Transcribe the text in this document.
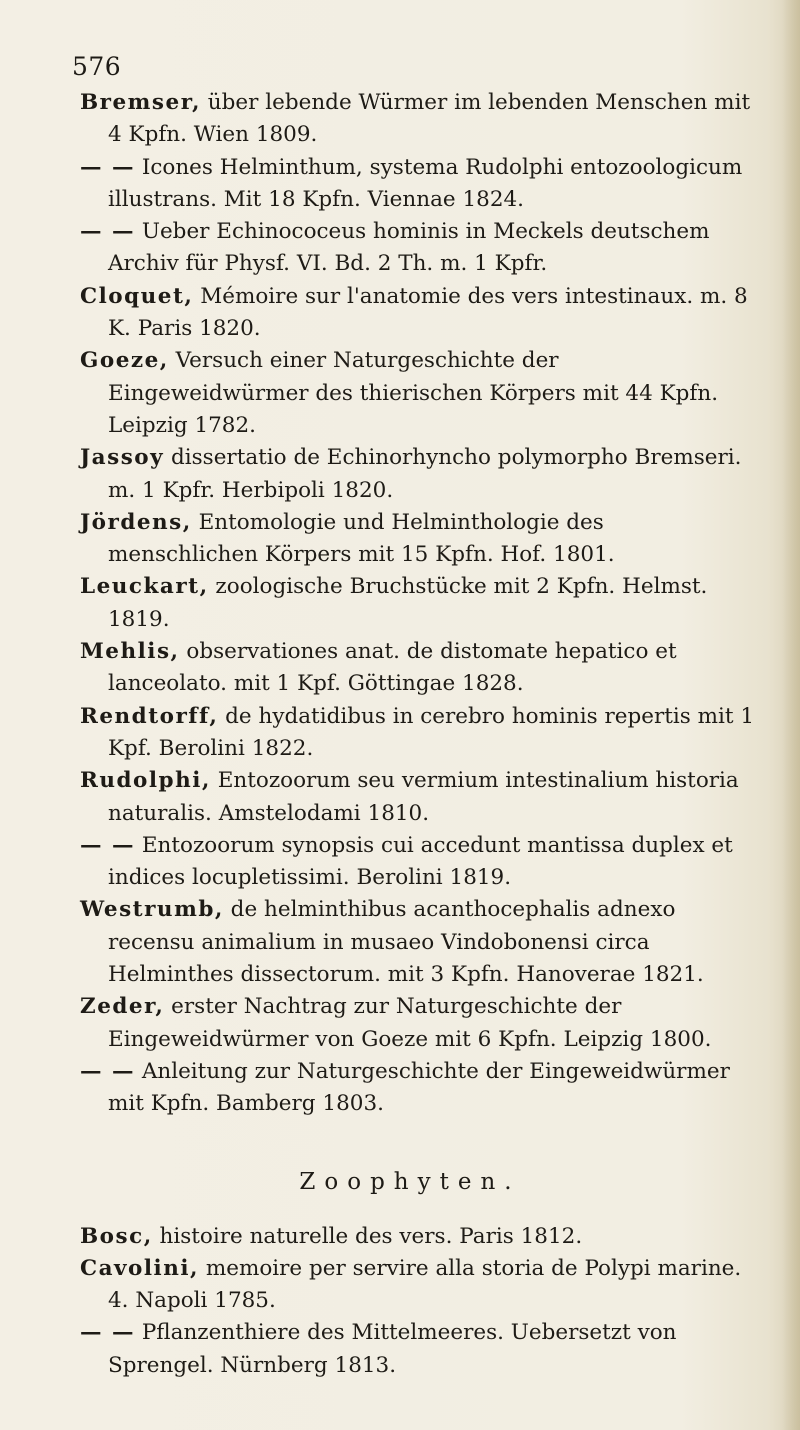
576

Bremser, über lebende Würmer im lebenden Menschen mit 4 Kpfn. Wien 1809.

— — Icones Helminthum, systema Rudolphi entozoologicum illustrans. Mit 18 Kpfn. Viennae 1824.

— — Ueber Echinococeus hominis in Meckels deutschem Archiv für Physf. VI. Bd. 2 Th. m. 1 Kpfr.

Cloquet, Mémoire sur l'anatomie des vers intestinaux. m. 8 K. Paris 1820.

Goeze, Versuch einer Naturgeschichte der Eingeweidwürmer des thierischen Körpers mit 44 Kpfn. Leipzig 1782.

Jassoy dissertatio de Echinorhyncho polymorpho Bremseri. m. 1 Kpfr. Herbipoli 1820.

Jördens, Entomologie und Helminthologie des menschlichen Körpers mit 15 Kpfn. Hof. 1801.

Leuckart, zoologische Bruchstücke mit 2 Kpfn. Helmst. 1819.

Mehlis, observationes anat. de distomate hepatico et lanceolato. mit 1 Kpf. Göttingae 1828.

Rendtorff, de hydatidibus in cerebro hominis repertis mit 1 Kpf. Berolini 1822.

Rudolphi, Entozoorum seu vermium intestinalium historia naturalis. Amstelodami 1810.

— — Entozoorum synopsis cui accedunt mantissa duplex et indices locupletissimi. Berolini 1819.

Westrumb, de helminthibus acanthocephalis adnexo recensu animalium in musaeo Vindobonensi circa Helminthes dissectorum. mit 3 Kpfn. Hanoverae 1821.

Zeder, erster Nachtrag zur Naturgeschichte der Eingeweidwürmer von Goeze mit 6 Kpfn. Leipzig 1800.

— — Anleitung zur Naturgeschichte der Eingeweidwürmer mit Kpfn. Bamberg 1803.

Zoophyten.

Bosc, histoire naturelle des vers. Paris 1812.

Cavolini, memoire per servire alla storia de Polypi marine. 4. Napoli 1785.

— — Pflanzenthiere des Mittelmeeres. Uebersetzt von Sprengel. Nürnberg 1813.
